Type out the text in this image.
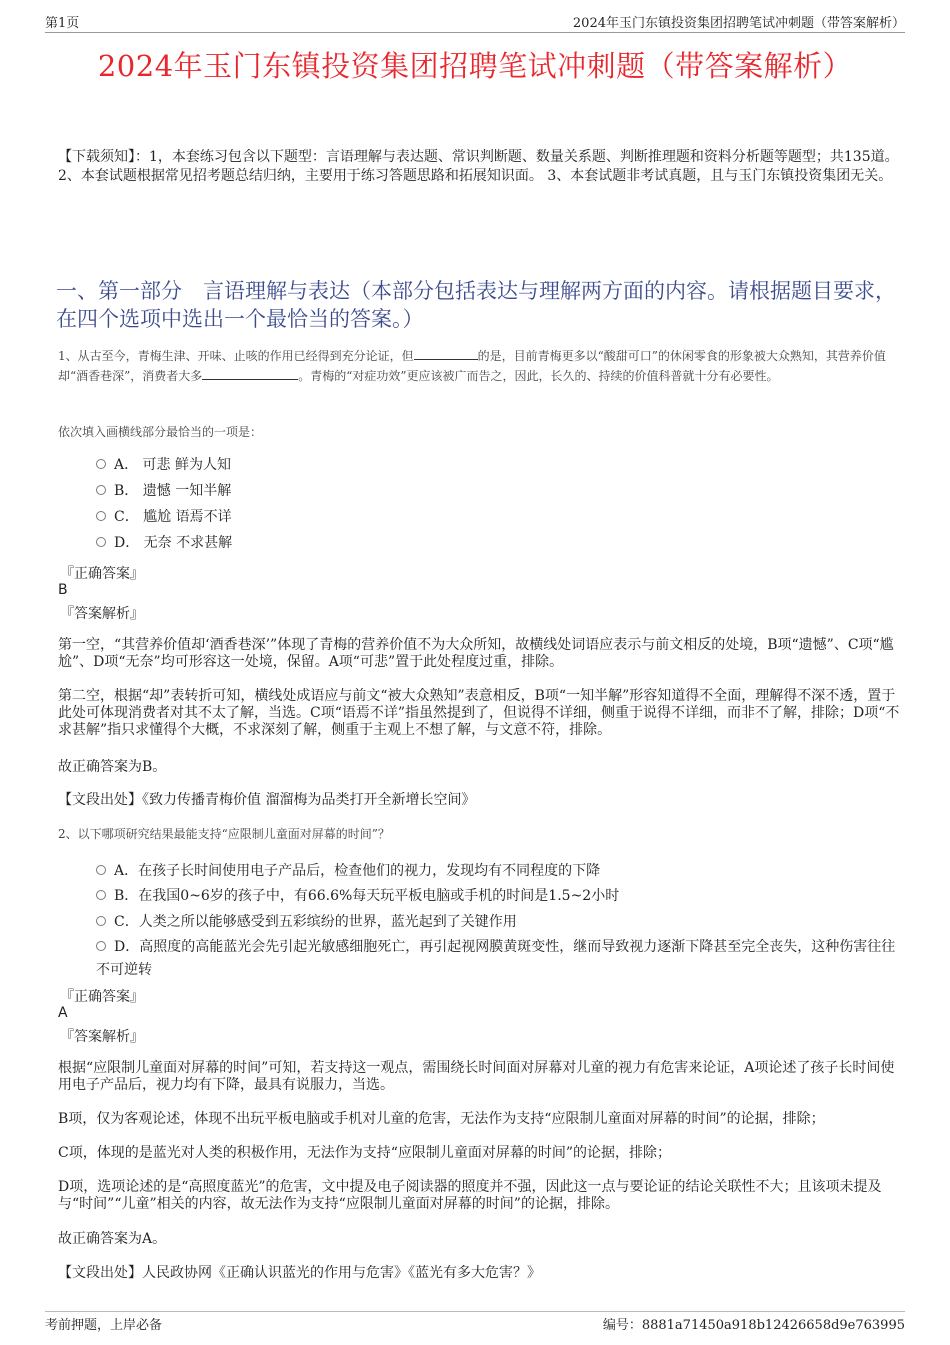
第1页	2024年玉门东镇投资集团招聘笔试冲刺题（带答案解析）
2024年玉门东镇投资集团招聘笔试冲刺题（带答案解析）
【下载须知】：1，本套练习包含以下题型：言语理解与表达题、常识判断题、数量关系题、判断推理题和资料分析题等题型；共135道。 2、本套试题根据常见招考题总结归纳，主要用于练习答题思路和拓展知识面。 3、本套试题非考试真题，且与玉门东镇投资集团无关。
一、第一部分　言语理解与表达（本部分包括表达与理解两方面的内容。请根据题目要求，在四个选项中选出一个最恰当的答案。）
1、从古至今，青梅生津、开味、止咳的作用已经得到充分论证，但	的是，目前青梅更多以“酸甜可口”的休闲零食的形象被大众熟知，其营养价值却“酒香巷深”，消费者大多	。青梅的“对症功效”更应该被广而告之，因此，长久的、持续的价值科普就十分有必要性。
依次填入画横线部分最恰当的一项是：
A． 可悲 鲜为人知
B． 遗憾 一知半解
C． 尴尬 语焉不详
D． 无奈 不求甚解
『正确答案』
B
『答案解析』
第一空，“其营养价值却‘酒香巷深’”体现了青梅的营养价值不为大众所知，故横线处词语应表示与前文相反的处境，B项“遗憾”、C项“尴尬”、D项“无奈”均可形容这一处境，保留。A项“可悲”置于此处程度过重，排除。
第二空，根据“却”表转折可知，横线处成语应与前文“被大众熟知”表意相反，B项“一知半解”形容知道得不全面，理解得不深不透，置于此处可体现消费者对其不太了解，当选。C项“语焉不详”指虽然提到了，但说得不详细，侧重于说得不详细，而非不了解，排除；D项“不求甚解”指只求懂得个大概，不求深刻了解，侧重于主观上不想了解，与文意不符，排除。
故正确答案为B。
【文段出处】《致力传播青梅价值 溜溜梅为品类打开全新增长空间》
2、以下哪项研究结果最能支持“应限制儿童面对屏幕的时间”？
A．在孩子长时间使用电子产品后，检查他们的视力，发现均有不同程度的下降
B．在我国0~6岁的孩子中，有66.6%每天玩平板电脑或手机的时间是1.5~2小时
C．人类之所以能够感受到五彩缤纷的世界，蓝光起到了关键作用
D．高照度的高能蓝光会先引起光敏感细胞死亡，再引起视网膜黄斑变性，继而导致视力逐渐下降甚至完全丧失，这种伤害往往不可逆转
『正确答案』
A
『答案解析』
根据“应限制儿童面对屏幕的时间”可知，若支持这一观点，需围绕长时间面对屏幕对儿童的视力有危害来论证，A项论述了孩子长时间使用电子产品后，视力均有下降，最具有说服力，当选。
B项，仅为客观论述，体现不出玩平板电脑或手机对儿童的危害，无法作为支持“应限制儿童面对屏幕的时间”的论据，排除；
C项，体现的是蓝光对人类的积极作用，无法作为支持“应限制儿童面对屏幕的时间”的论据，排除；
D项，选项论述的是“高照度蓝光”的危害，文中提及电子阅读器的照度并不强，因此这一点与要论证的结论关联性不大；且该项未提及与“时间”“儿童”相关的内容，故无法作为支持“应限制儿童面对屏幕的时间”的论据，排除。
故正确答案为A。
【文段出处】人民政协网《正确认识蓝光的作用与危害》《蓝光有多大危害？》
考前押题，上岸必备	编号：8881a71450a918b12426658d9e763995
